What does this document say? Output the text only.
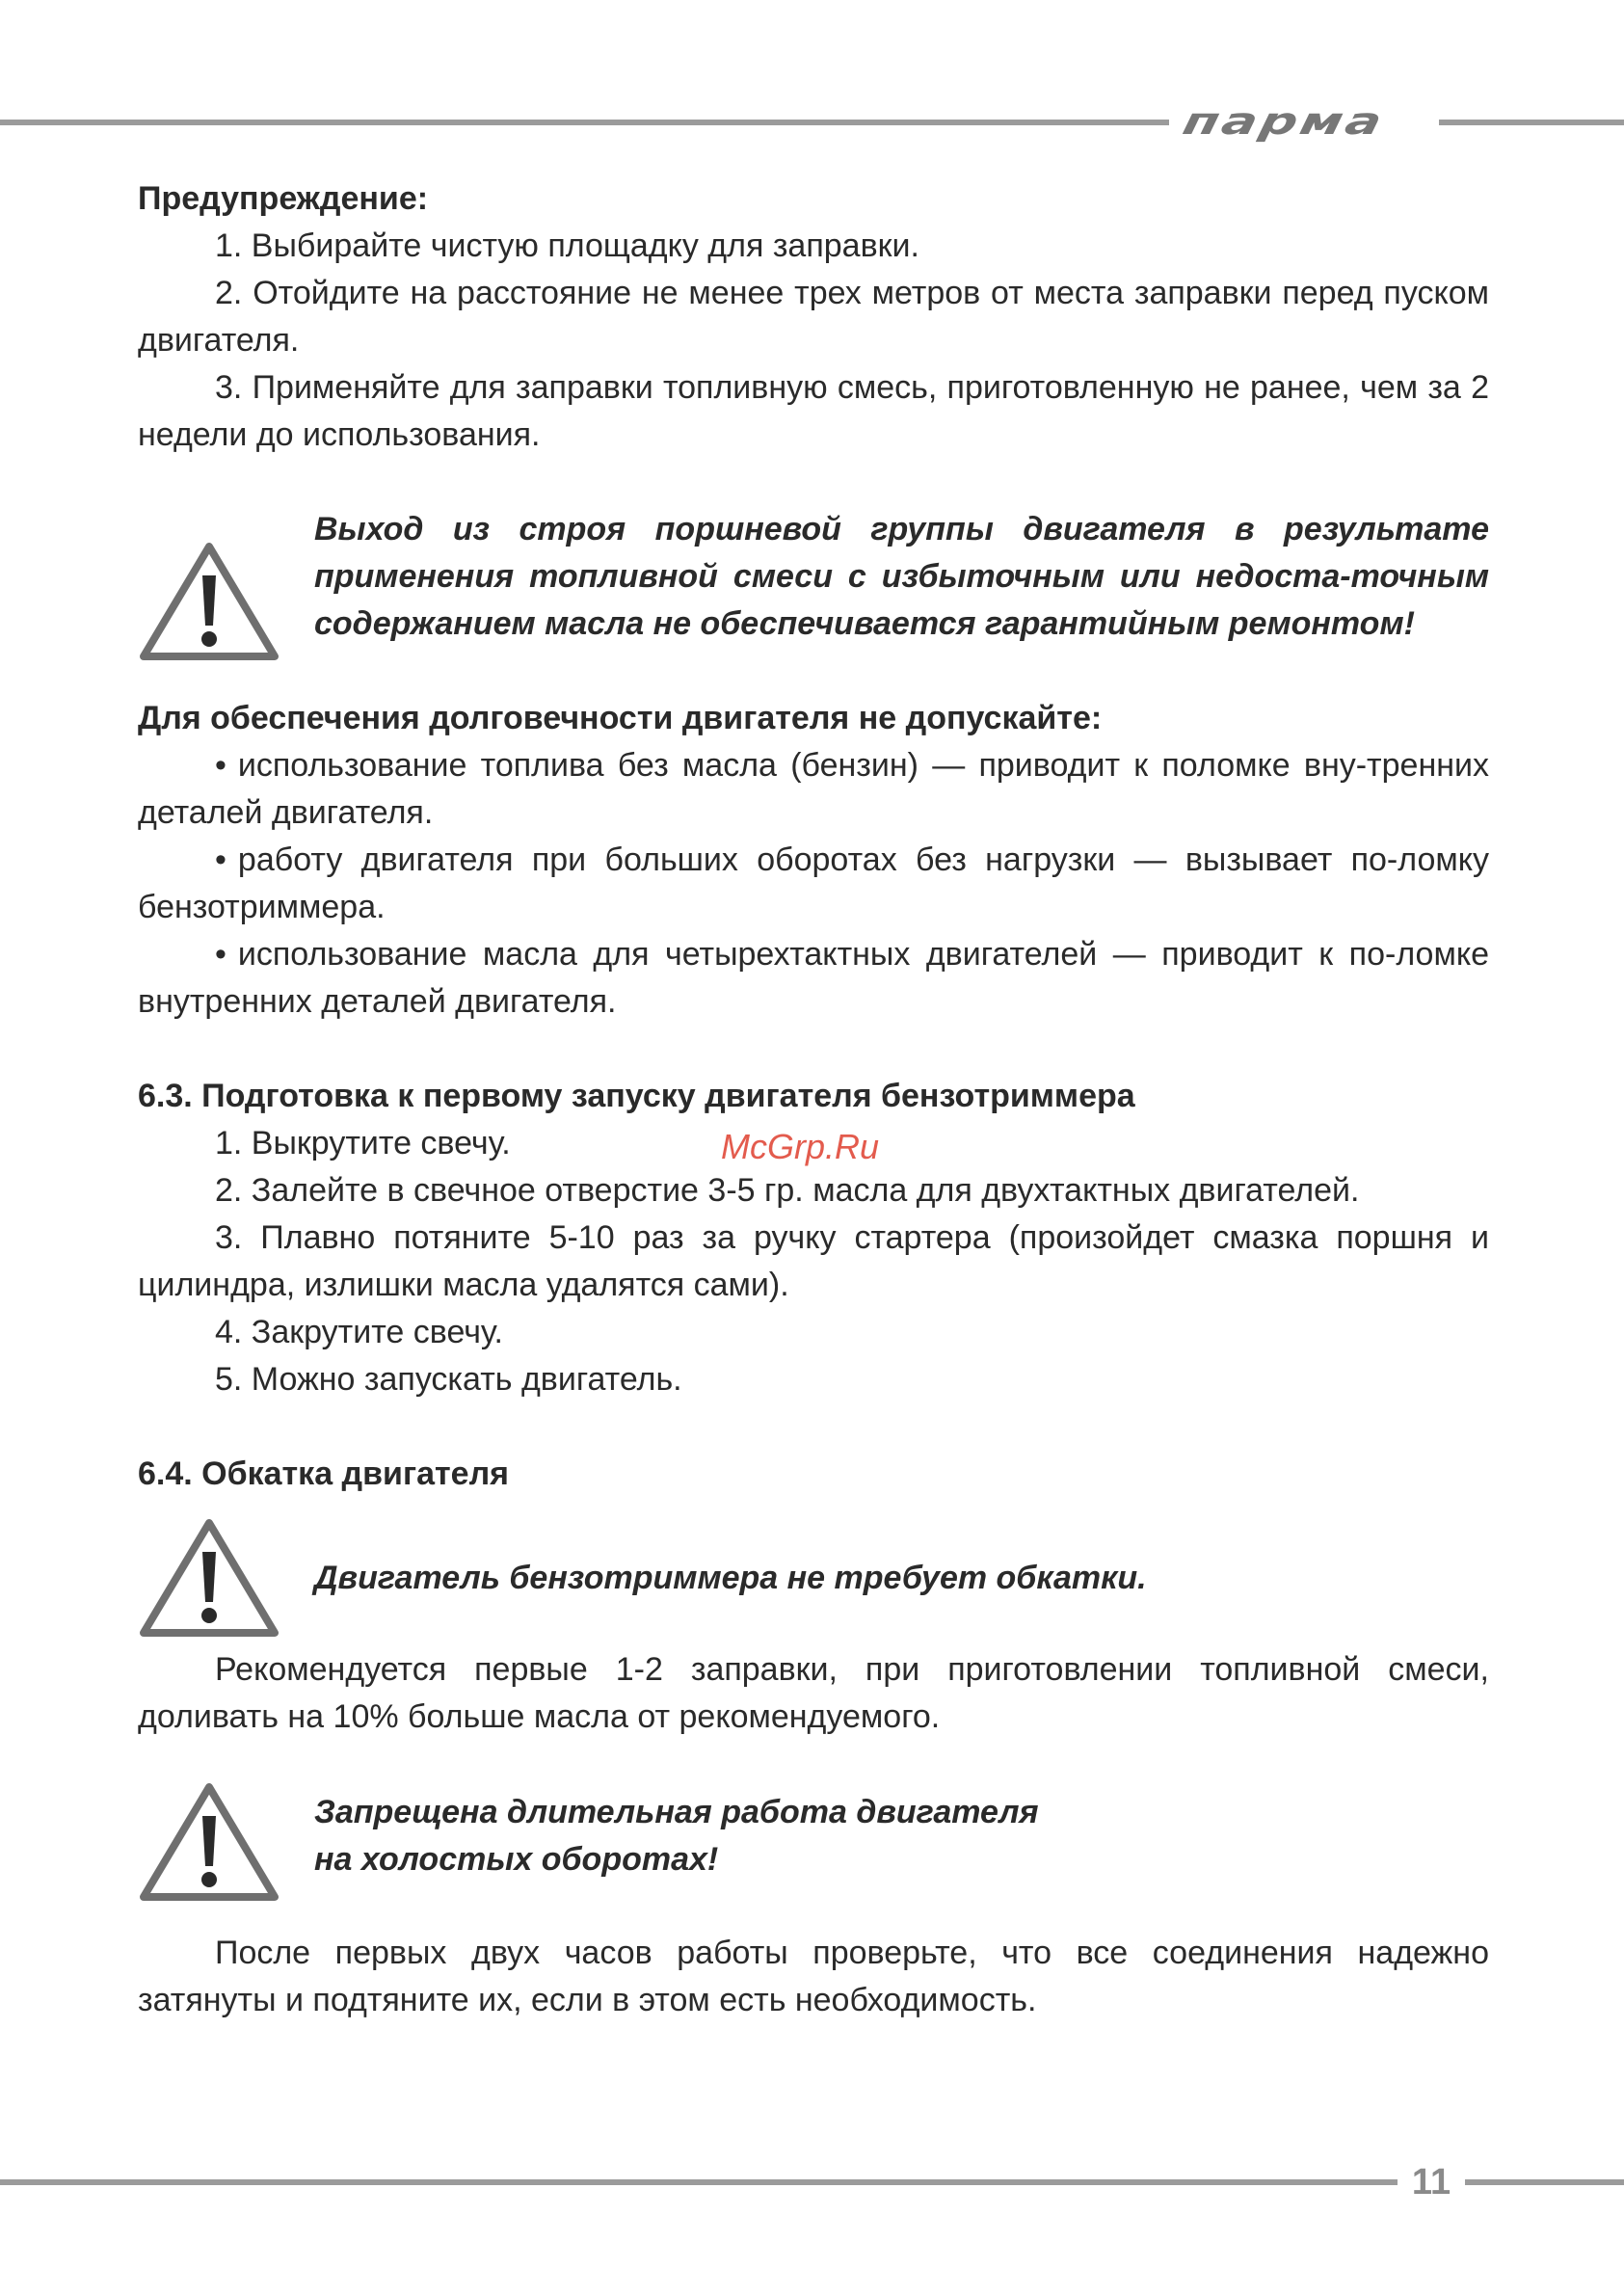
парма

Предупреждение:

1. Выбирайте чистую площадку для заправки.

2. Отойдите на расстояние не менее трех метров от места заправки перед пуском двигателя.

3. Применяйте для заправки топливную смесь, приготовленную не ранее, чем за 2 недели до использования.

Выход из строя поршневой группы двигателя в результате применения топливной смеси с избыточным или недоста-точным содержанием масла не обеспечивается гарантийным ремонтом!

Для обеспечения долговечности двигателя не допускайте:

• использование топлива без масла (бензин) — приводит к поломке вну-тренних деталей двигателя.

• работу двигателя при больших оборотах без нагрузки — вызывает по-ломку бензотриммера.

• использование масла для четырехтактных двигателей — приводит к по-ломке внутренних деталей двигателя.

6.3. Подготовка к первому запуску двигателя бензотриммера

1. Выкрутите свечу.

2. Залейте в свечное отверстие 3-5 гр. масла для двухтактных двигателей.

3. Плавно потяните 5-10 раз за ручку стартера (произойдет смазка поршня и цилиндра, излишки масла удалятся сами).

4. Закрутите свечу.

5. Можно запускать двигатель.

6.4. Обкатка двигателя

Двигатель бензотриммера не требует обкатки.

Рекомендуется первые 1-2 заправки, при приготовлении топливной смеси, доливать на 10% больше масла от рекомендуемого.

Запрещена длительная работа двигателя

на холостых оборотах!

После первых двух часов работы проверьте, что все соединения надежно затянуты и подтяните их, если в этом есть необходимость.

McGrp.Ru
11
